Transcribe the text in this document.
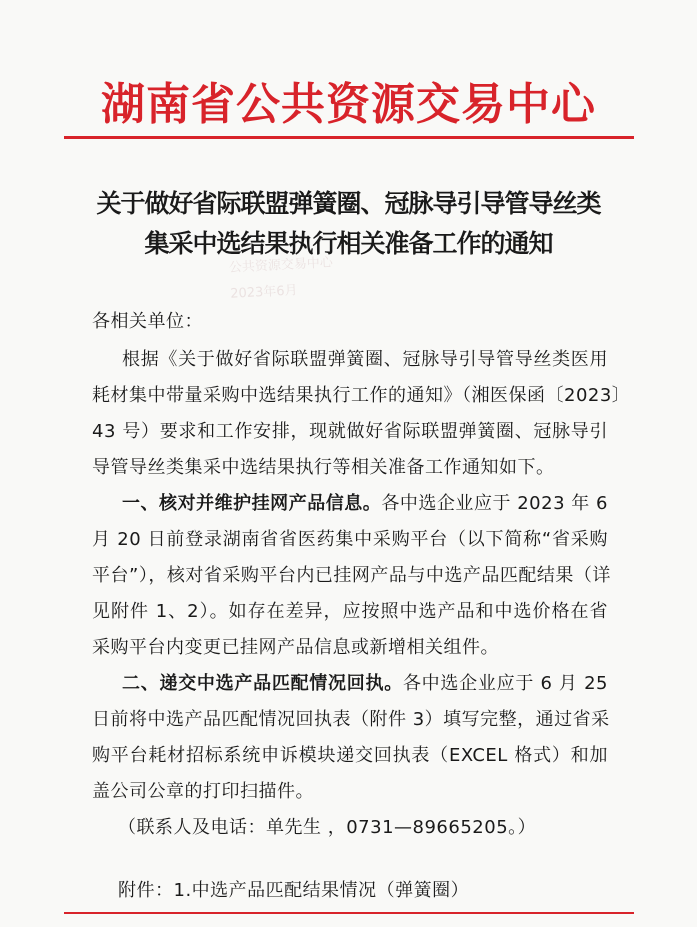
湖南省公共资源交易中心
关于做好省际联盟弹簧圈、冠脉导引导管导丝类
集采中选结果执行相关准备工作的通知
公共资源交易中心
2023年6月
各相关单位：
根据《关于做好省际联盟弹簧圈、冠脉导引导管导丝类医用
耗材集中带量采购中选结果执行工作的通知》（湘医保函〔2023〕
43 号）要求和工作安排，现就做好省际联盟弹簧圈、冠脉导引
导管导丝类集采中选结果执行等相关准备工作通知如下。
一、核对并维护挂网产品信息。各中选企业应于 2023 年 6
月 20 日前登录湖南省省医药集中采购平台（以下简称“省采购
平台”），核对省采购平台内已挂网产品与中选产品匹配结果（详
见附件 1、2）。如存在差异，应按照中选产品和中选价格在省
采购平台内变更已挂网产品信息或新增相关组件。
二、递交中选产品匹配情况回执。各中选企业应于 6 月 25
日前将中选产品匹配情况回执表（附件 3）填写完整，通过省采
购平台耗材招标系统申诉模块递交回执表（EXCEL 格式）和加
盖公司公章的打印扫描件。
（联系人及电话：单先生 ，0731—89665205。）
附件：1.中选产品匹配结果情况（弹簧圈）
